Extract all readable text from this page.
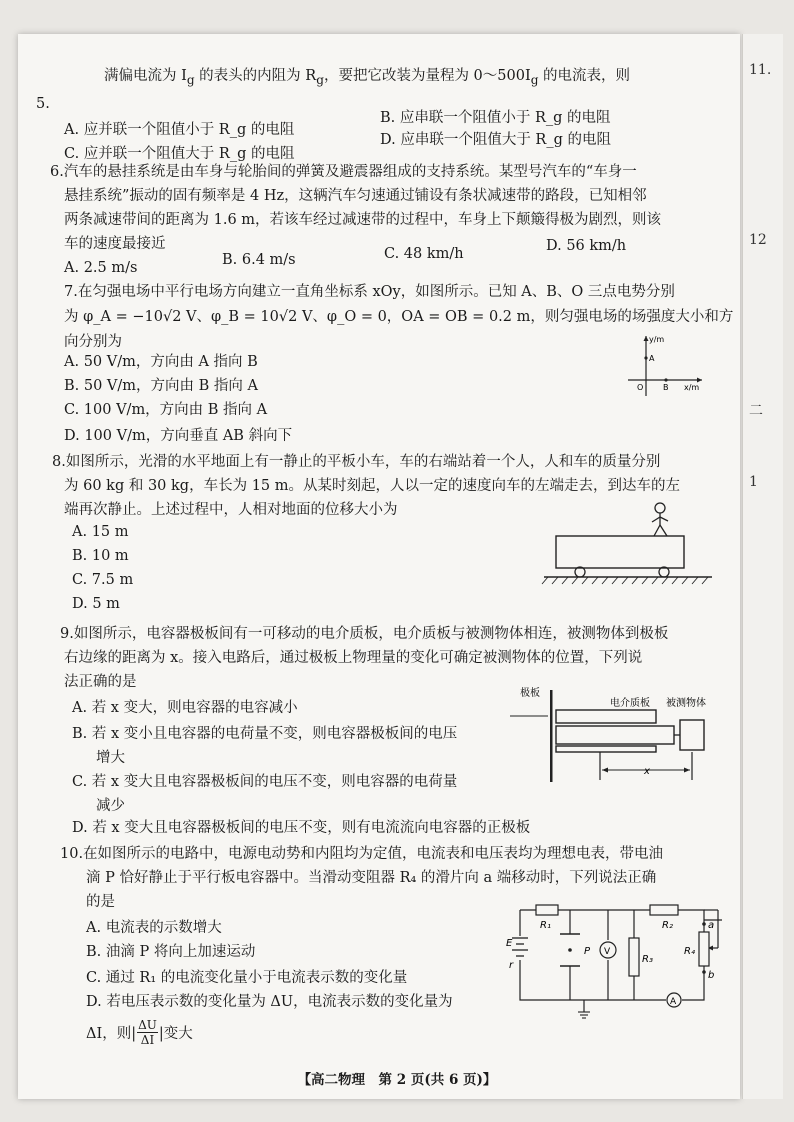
11.
12
二
1
满偏电流为 $I_g$ 的表头的内阻为 $R_g$，要把它改装为量程为 $0\sim 500I_g$ 的电流表，则
5.
A. 应并联一个阻值小于 R_g 的电阻
B. 应串联一个阻值小于 R_g 的电阻
C. 应并联一个阻值大于 R_g 的电阻
D. 应串联一个阻值大于 R_g 的电阻
6.汽车的悬挂系统是由车身与轮胎间的弹簧及避震器组成的支持系统。某型号汽车的“车身一
悬挂系统”振动的固有频率是 4 Hz，这辆汽车匀速通过铺设有条状减速带的路段，已知相邻
两条减速带间的距离为 1.6 m，若该车经过减速带的过程中，车身上下颠簸得极为剧烈，则该
车的速度最接近
A. 2.5 m/s	B. 6.4 m/s	C. 48 km/h	D. 56 km/h
7.在匀强电场中平行电场方向建立一直角坐标系 xOy，如图所示。已知 A、B、O 三点电势分别
为 φ_A = −10√2 V、φ_B = 10√2 V、φ_O = 0，OA = OB = 0.2 m，则匀强电场的场强度大小和方
向分别为
A. 50 V/m，方向由 A 指向 B
B. 50 V/m，方向由 B 指向 A
C. 100 V/m，方向由 B 指向 A
D. 100 V/m，方向垂直 AB 斜向下
y/m
A
O B x/m
8.如图所示，光滑的水平地面上有一静止的平板小车，车的右端站着一个人，人和车的质量分别
为 60 kg 和 30 kg，车长为 15 m。从某时刻起，人以一定的速度向车的左端走去，到达车的左
端再次静止。上述过程中，人相对地面的位移大小为
A. 15 m
B. 10 m
C. 7.5 m
D. 5 m
9.如图所示，电容器极板间有一可移动的电介质板，电介质板与被测物体相连，被测物体到极板
右边缘的距离为 x。接入电路后，通过极板上物理量的变化可确定被测物体的位置，下列说
法正确的是
A. 若 x 变大，则电容器的电容减小
B. 若 x 变小且电容器的电荷量不变，则电容器极板间的电压
增大
C. 若 x 变大且电容器极板间的电压不变，则电容器的电荷量
减少
D. 若 x 变大且电容器极板间的电压不变，则有电流流向电容器的正极板
极板
电介质板 被测物体
x
10.在如图所示的电路中，电源电动势和内阻均为定值，电流表和电压表均为理想电表，带电油
滴 P 恰好静止于平行板电容器中。当滑动变阻器 R₄ 的滑片向 a 端移动时，下列说法正确
的是
A. 电流表的示数增大
B. 油滴 P 将向上加速运动
C. 通过 R₁ 的电流变化量小于电流表示数的变化量
D. 若电压表示数的变化量为 ΔU，电流表示数的变化量为
ΔI，则| $\frac{\Delta U}{\Delta I}$ |变大
R₁	R₂
R₃
R₄
E
r
P V
A
a
b
【高二物理　第 2 页(共 6 页)】
